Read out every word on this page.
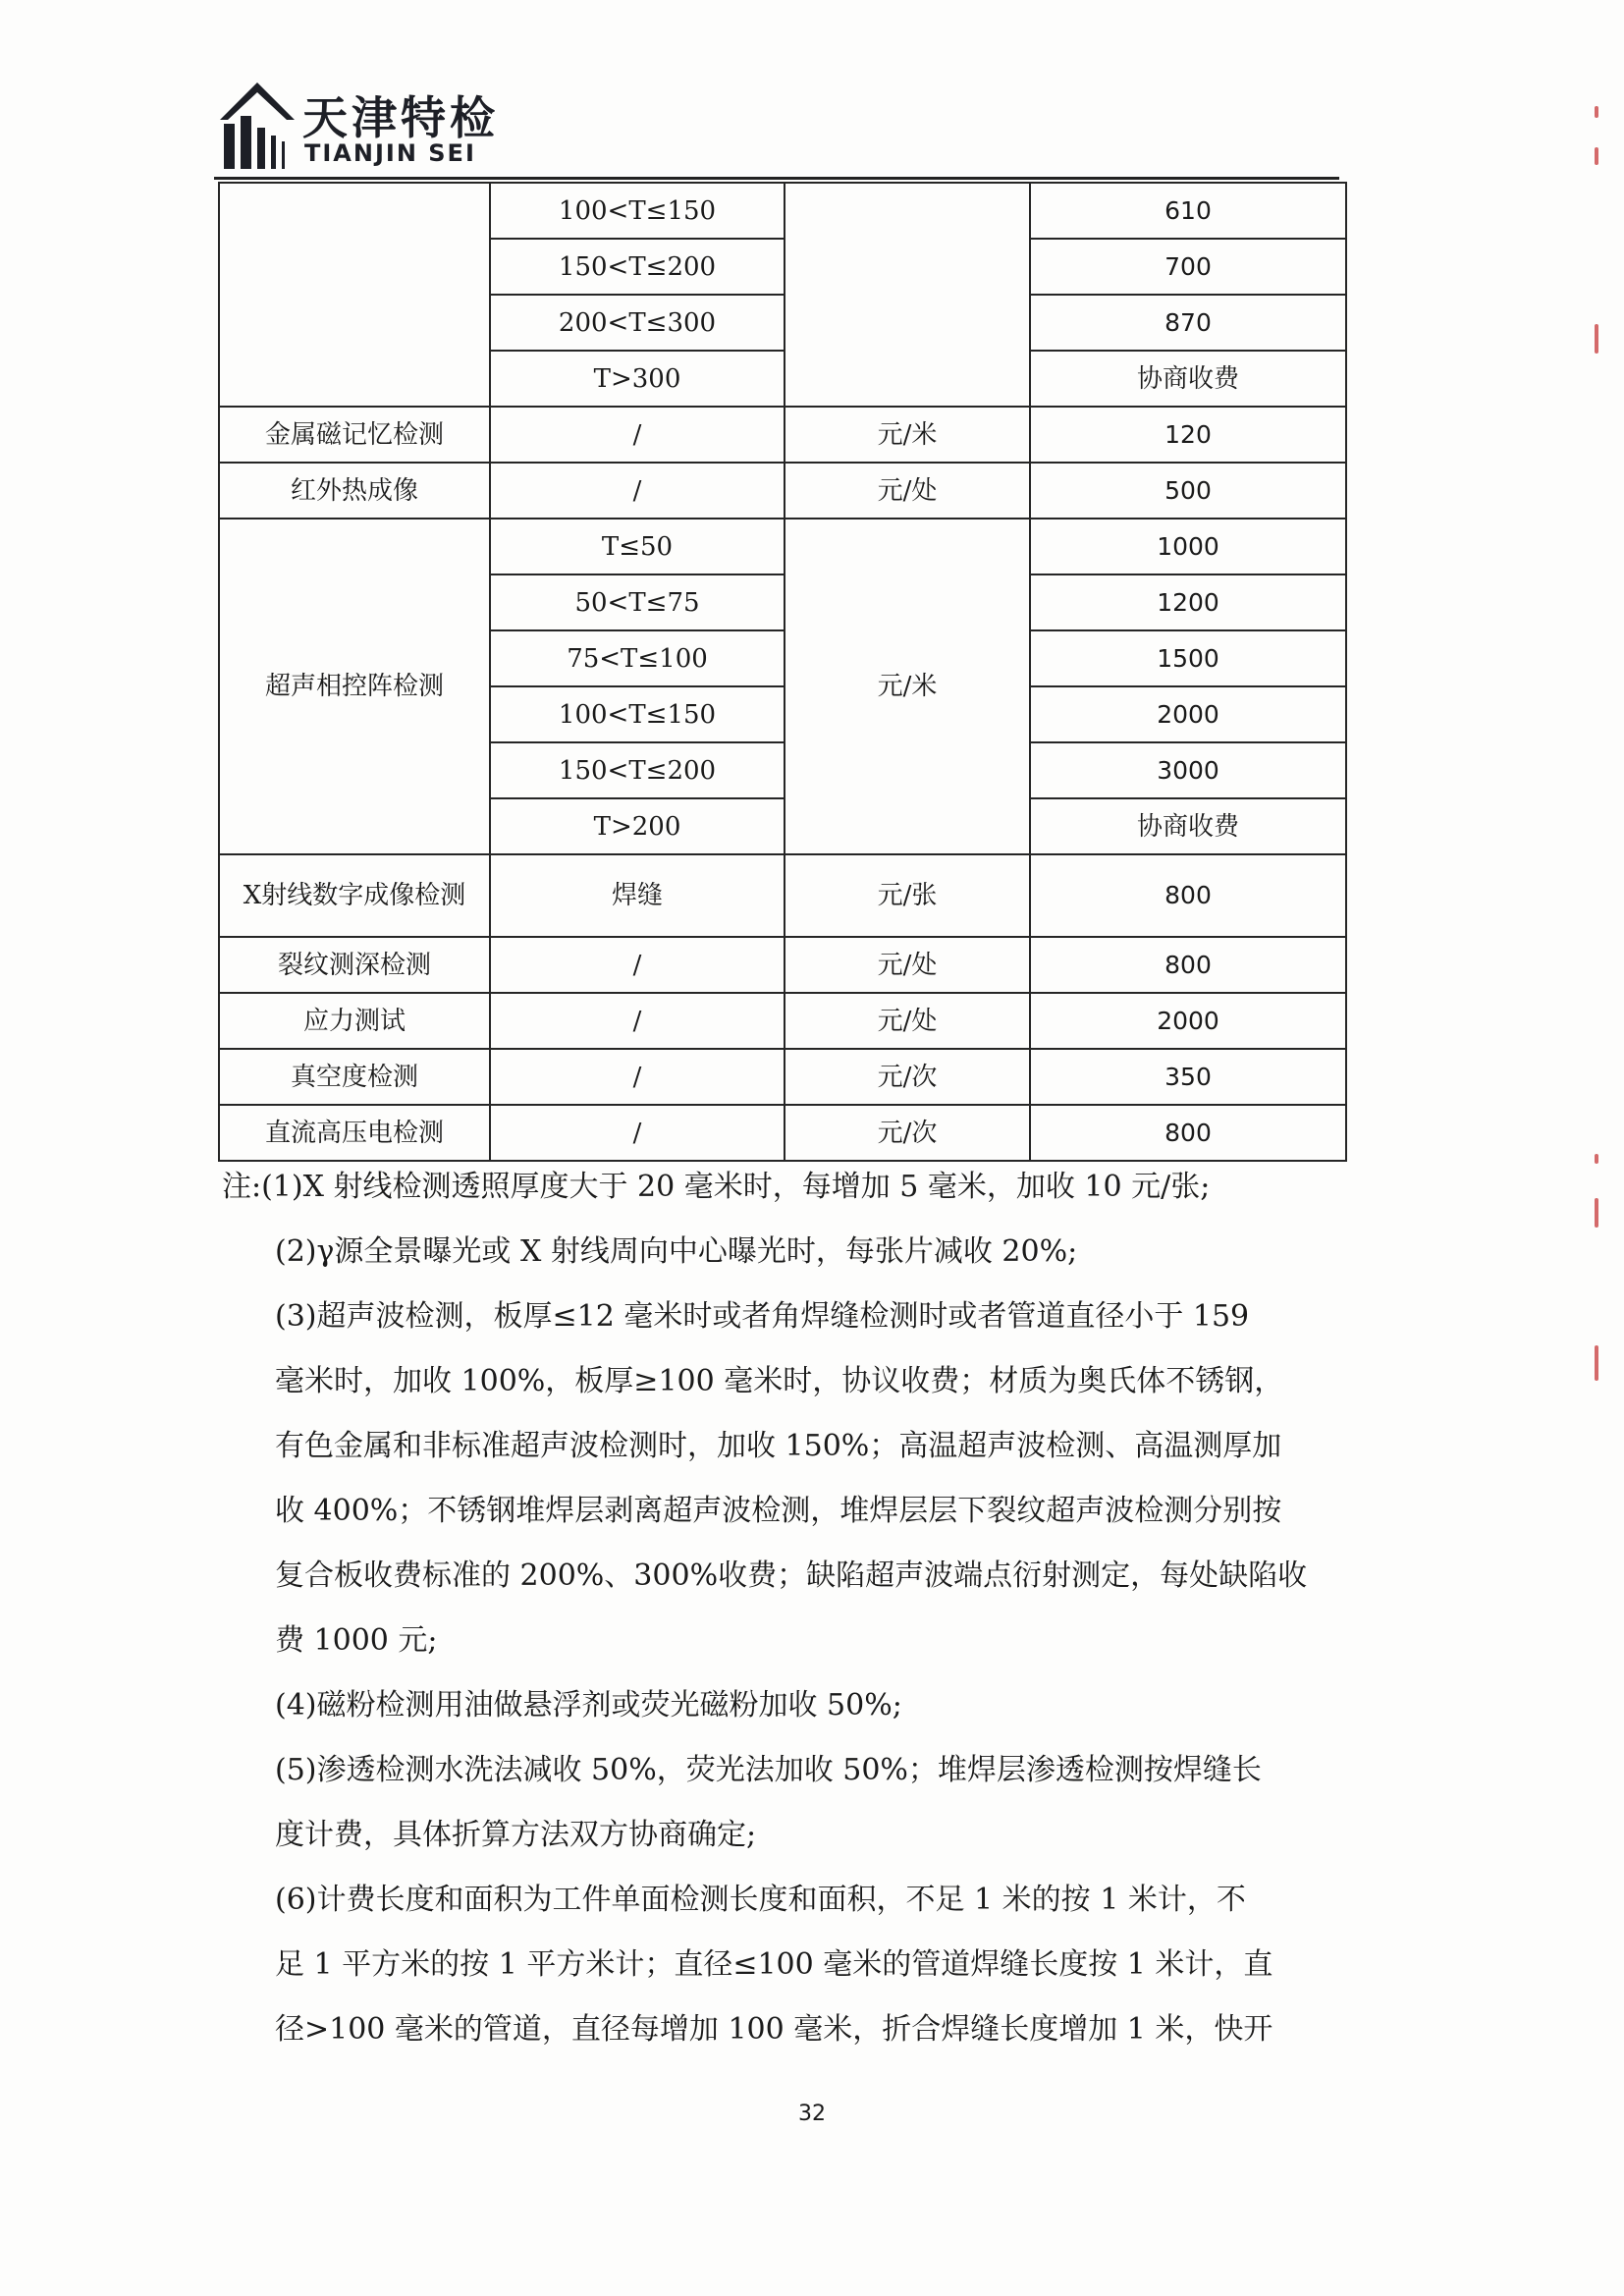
天津特检
TIANJIN SEI
	100<T≤150		610
	150<T≤200		700
	200<T≤300		870
	T>300		协商收费
金属磁记忆检测	/	元/米	120
红外热成像	/	元/处	500
超声相控阵检测	T≤50	元/米	1000
	50<T≤75		1200
	75<T≤100		1500
	100<T≤150		2000
	150<T≤200		3000
	T>200		协商收费
X射线数字成像检测	焊缝	元/张	800
裂纹测深检测	/	元/处	800
应力测试	/	元/处	2000
真空度检测	/	元/次	350
直流高压电检测	/	元/次	800

注:(1)X 射线检测透照厚度大于 20 毫米时，每增加 5 毫米，加收 10 元/张;

(2)γ源全景曝光或 X 射线周向中心曝光时，每张片减收 20%;

(3)超声波检测，板厚≤12 毫米时或者角焊缝检测时或者管道直径小于 159

毫米时，加收 100%，板厚≥100 毫米时，协议收费；材质为奥氏体不锈钢，

有色金属和非标准超声波检测时，加收 150%；高温超声波检测、高温测厚加

收 400%；不锈钢堆焊层剥离超声波检测，堆焊层层下裂纹超声波检测分别按

复合板收费标准的 200%、300%收费；缺陷超声波端点衍射测定，每处缺陷收

费 1000 元;

(4)磁粉检测用油做悬浮剂或荧光磁粉加收 50%;

(5)渗透检测水洗法减收 50%，荧光法加收 50%；堆焊层渗透检测按焊缝长

度计费，具体折算方法双方协商确定;

(6)计费长度和面积为工件单面检测长度和面积，不足 1 米的按 1 米计，不

足 1 平方米的按 1 平方米计；直径≤100 毫米的管道焊缝长度按 1 米计，直

径>100 毫米的管道，直径每增加 100 毫米，折合焊缝长度增加 1 米，快开

32
